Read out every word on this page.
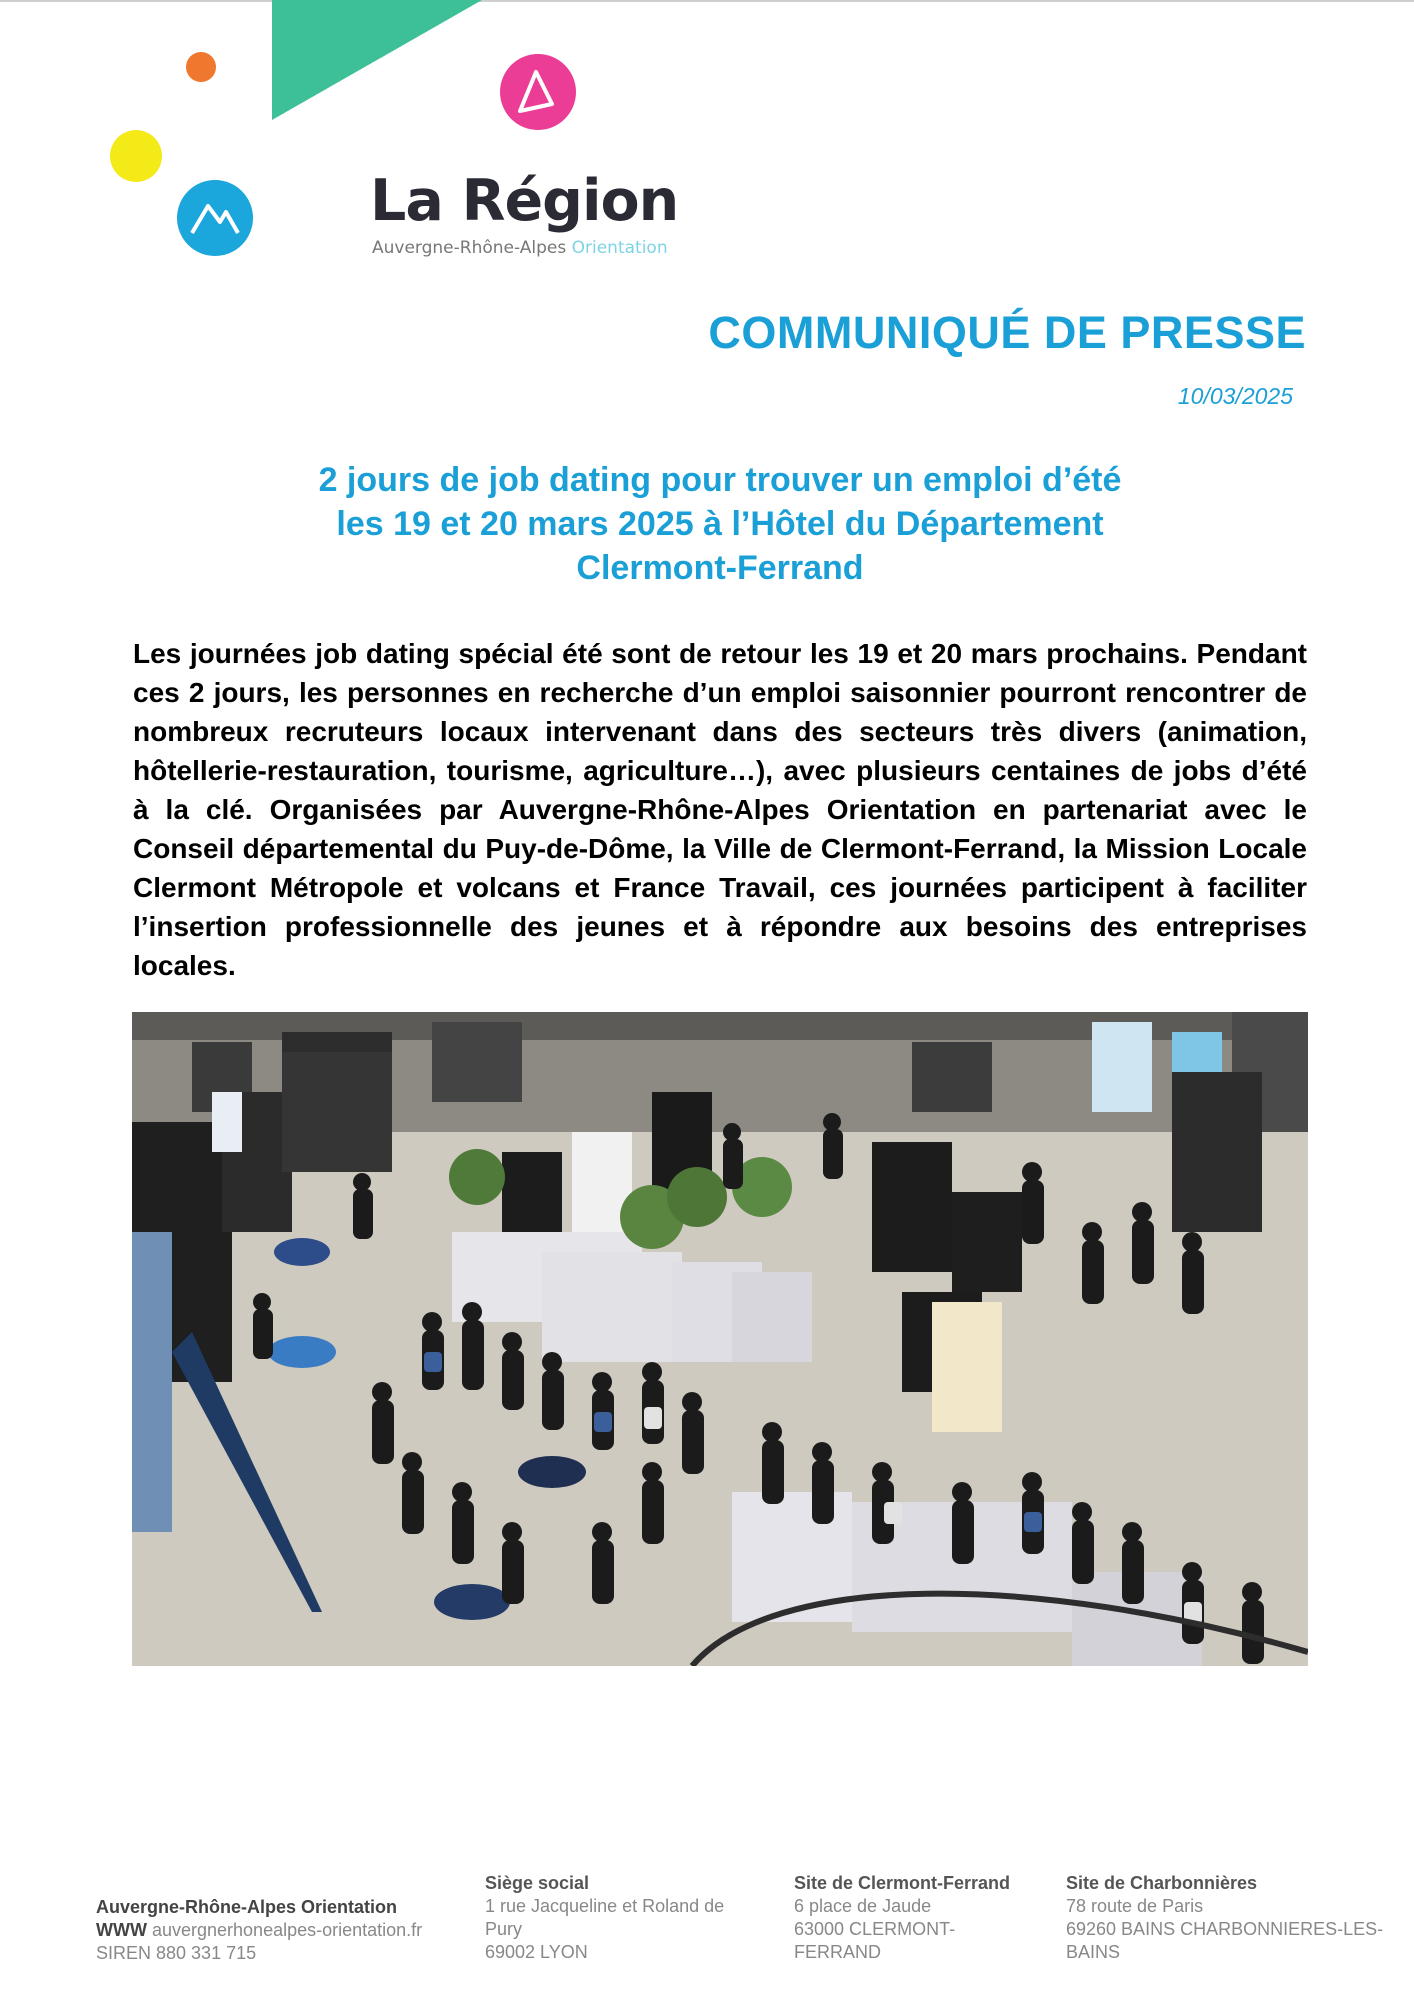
La Région
Auvergne-Rhône-Alpes Orientation
COMMUNIQUÉ DE PRESSE
10/03/2025
2 jours de job dating pour trouver un emploi d’été
les 19 et 20 mars 2025 à l’Hôtel du Département
Clermont-Ferrand
Les journées job dating spécial été sont de retour les 19 et 20 mars prochains. Pendant ces 2 jours, les personnes en recherche d’un emploi saisonnier pourront rencontrer de nombreux recruteurs locaux intervenant dans des secteurs très divers (animation, hôtellerie-restauration, tourisme, agriculture…), avec plusieurs centaines de jobs d’été à la clé. Organisées par Auvergne-Rhône-Alpes Orientation en partenariat avec le Conseil départemental du Puy-de-Dôme, la Ville de Clermont-Ferrand, la Mission Locale Clermont Métropole et volcans et France Travail, ces journées participent à faciliter l’insertion professionnelle des jeunes et à répondre aux besoins des entreprises locales.
Auvergne-Rhône-Alpes Orientation
WWW auvergnerhonealpes-orientation.fr
SIREN 880 331 715
Siège social
1 rue Jacqueline et Roland de
Pury
69002 LYON
Site de Clermont-Ferrand
6 place de Jaude
63000 CLERMONT-
FERRAND
Site de Charbonnières
78 route de Paris
69260 BAINS CHARBONNIERES-LES-
BAINS
